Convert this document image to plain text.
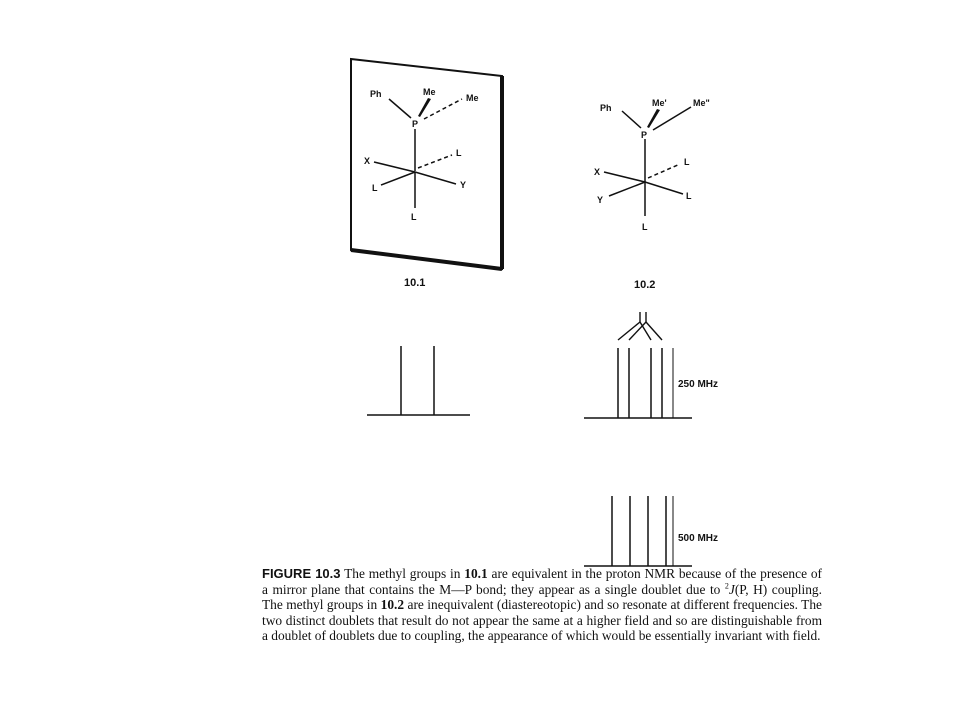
Ph	Me
Me
P
X
L
L
Y
L
10.1
Ph	Me'	Me"
P
X
Y
L
L
L
10.2
250 MHz
500 MHz
FIGURE 10.3 The methyl groups in 10.1 are equivalent in the proton NMR because of the presence of a mirror plane that contains the M—P bond; they appear as a single doublet due to $^2$J(P, H) coupling. The methyl groups in 10.2 are inequivalent (diastereotopic) and so resonate at different frequencies. The two distinct doublets that result do not appear the same at a higher field and so are distinguishable from a doublet of doublets due to coupling, the appearance of which would be essentially invariant with field.
